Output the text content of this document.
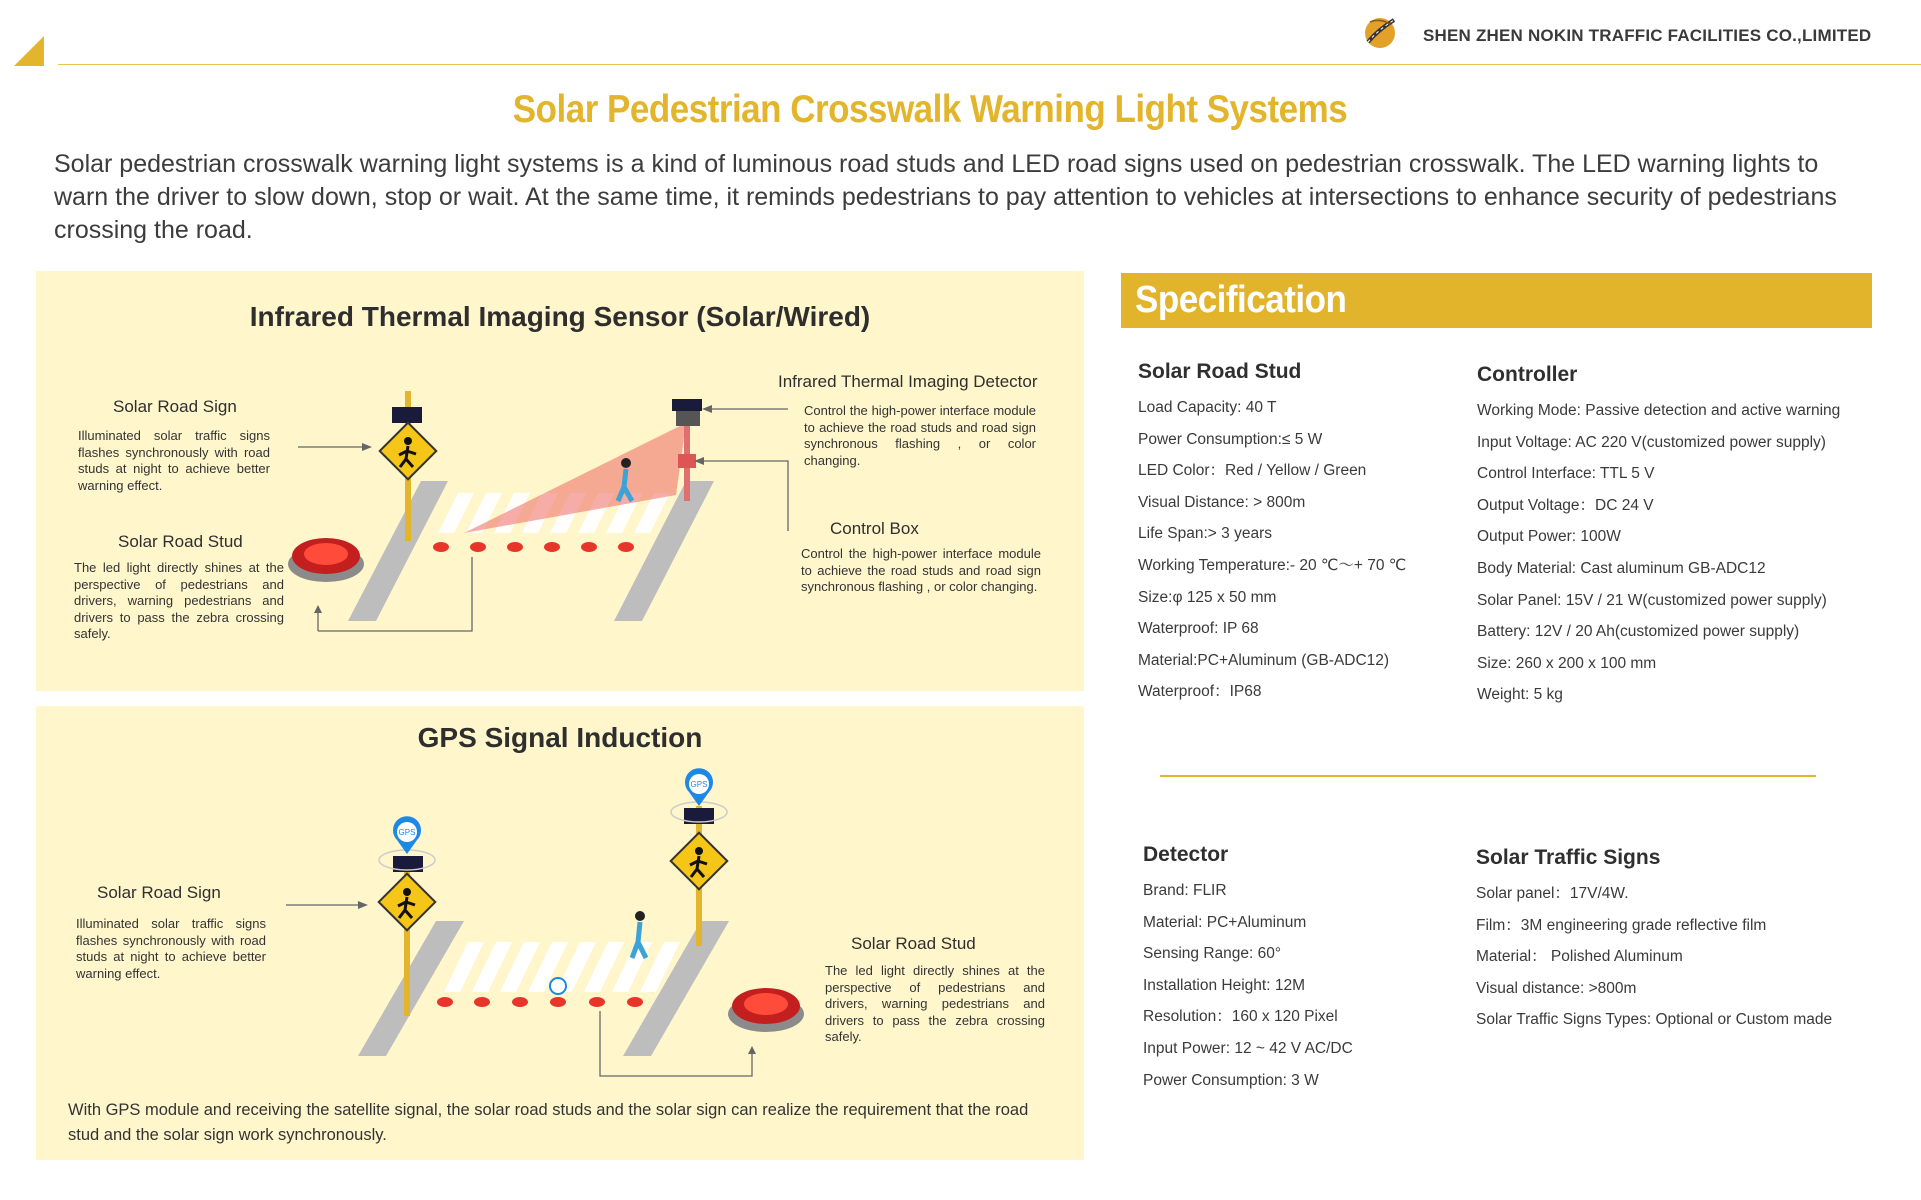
SHEN ZHEN NOKIN TRAFFIC FACILITIES CO.,LIMITED
Solar Pedestrian Crosswalk Warning Light Systems
Solar pedestrian crosswalk warning light systems is a kind of luminous road studs and LED road signs used on pedestrian crosswalk. The LED warning lights to warn the driver to slow down, stop or wait. At the same time, it reminds pedestrians to pay attention to vehicles at intersections to enhance security of pedestrians crossing the road.
Infrared Thermal Imaging Sensor (Solar/Wired)
Solar Road Sign
Illuminated solar traffic signs flashes synchronously with road studs at night to achieve better warning effect.
Solar Road Stud
The led light directly shines at the perspective of pedestrians and drivers, warning pedestrians and drivers to pass the zebra crossing safely.
Infrared Thermal Imaging Detector
Control the high-power interface module to achieve the road studs and road sign synchronous flashing , or color changing.
Control Box
Control the high-power interface module to achieve the road studs and road sign synchronous flashing , or color changing.
GPS Signal Induction
GPS
GPS
Solar Road Sign
Illuminated solar traffic signs flashes synchronously with road studs at night to achieve better warning effect.
Solar Road Stud
The led light directly shines at the perspective of pedestrians and drivers, warning pedestrians and drivers to pass the zebra crossing safely.
With GPS module and receiving the satellite signal, the solar road studs and the solar sign can realize the requirement that the road stud and the solar sign work synchronously.
Specification
Solar Road Stud
Load Capacity: 40 T
Power Consumption:≤ 5 W
LED Color：Red / Yellow / Green
Visual Distance: > 800m
Life Span:> 3 years
Working Temperature:- 20 ℃～+ 70 ℃
Size:φ 125 x 50 mm
Waterproof: IP 68
Material:PC+Aluminum (GB-ADC12)
Waterproof：IP68
Controller
Working Mode: Passive detection and active warning
Input Voltage: AC 220 V(customized power supply)
Control Interface: TTL 5 V
Output Voltage：DC 24 V
Output Power: 100W
Body Material: Cast aluminum GB-ADC12
Solar Panel: 15V / 21 W(customized power supply)
Battery: 12V / 20 Ah(customized power supply)
Size: 260 x 200 x 100 mm
Weight: 5 kg
Detector
Brand: FLIR
Material: PC+Aluminum
Sensing Range: 60°
Installation Height: 12M
Resolution：160 x 120 Pixel
Input Power: 12 ~ 42 V AC/DC
Power Consumption: 3 W
Solar Traffic Signs
Solar panel：17V/4W.
Film：3M engineering grade reflective film
Material： Polished Aluminum
Visual distance: >800m
Solar Traffic Signs Types: Optional or Custom made
